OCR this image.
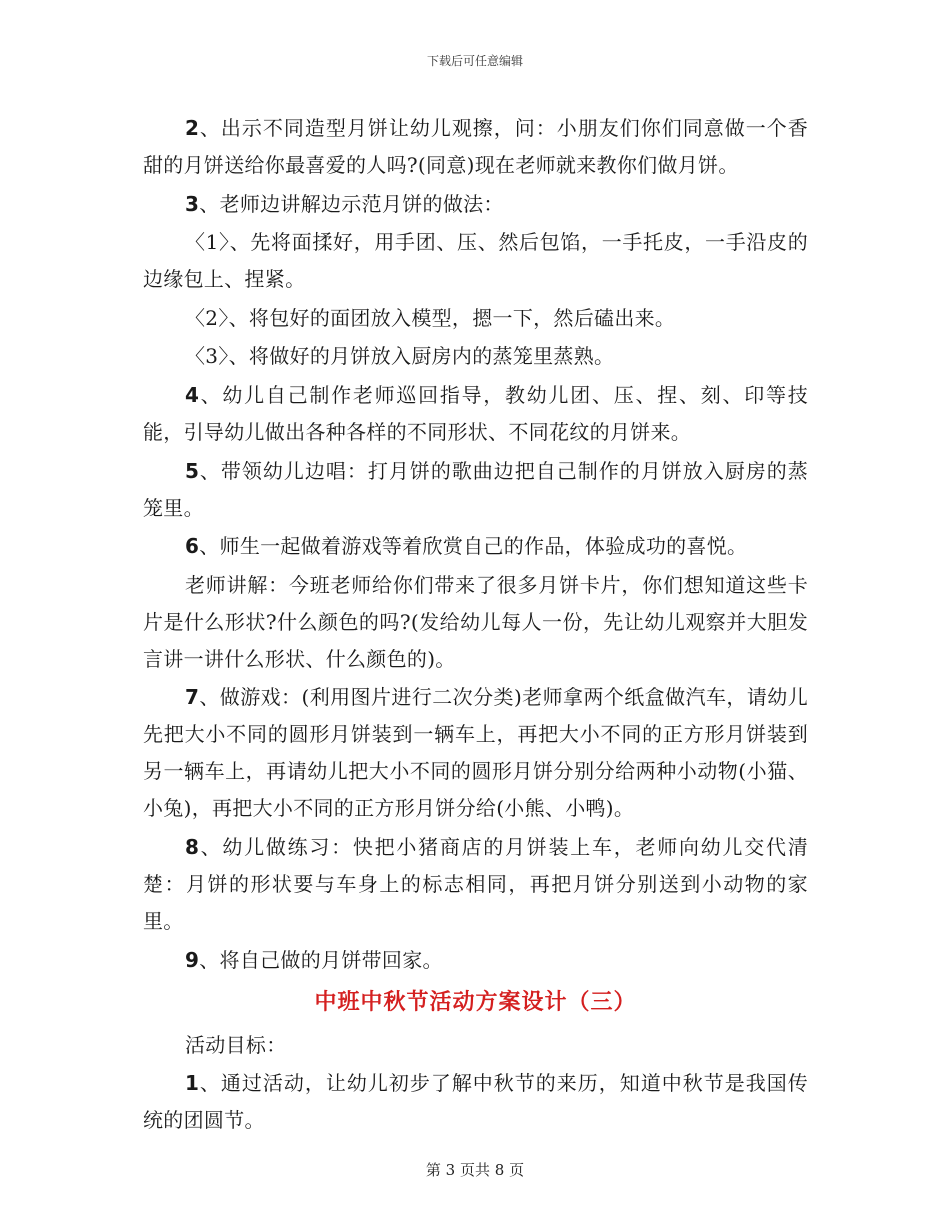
下载后可任意编辑

2、出示不同造型月饼让幼儿观擦，问：小朋友们你们同意做一个香甜的月饼送给你最喜爱的人吗?(同意)现在老师就来教你们做月饼。

3、老师边讲解边示范月饼的做法：

〈1〉、先将面揉好，用手团、压、然后包馅，一手托皮，一手沿皮的边缘包上、捏紧。

〈2〉、将包好的面团放入模型，摁一下，然后磕出来。

〈3〉、将做好的月饼放入厨房内的蒸笼里蒸熟。

4、幼儿自己制作老师巡回指导，教幼儿团、压、捏、刻、印等技能，引导幼儿做出各种各样的不同形状、不同花纹的月饼来。

5、带领幼儿边唱：打月饼的歌曲边把自己制作的月饼放入厨房的蒸笼里。

6、师生一起做着游戏等着欣赏自己的作品，体验成功的喜悦。

老师讲解：今班老师给你们带来了很多月饼卡片，你们想知道这些卡片是什么形状?什么颜色的吗?(发给幼儿每人一份，先让幼儿观察并大胆发言讲一讲什么形状、什么颜色的)。

7、做游戏：(利用图片进行二次分类)老师拿两个纸盒做汽车，请幼儿先把大小不同的圆形月饼装到一辆车上，再把大小不同的正方形月饼装到另一辆车上，再请幼儿把大小不同的圆形月饼分别分给两种小动物(小猫、小兔)，再把大小不同的正方形月饼分给(小熊、小鸭)。

8、幼儿做练习：快把小猪商店的月饼装上车，老师向幼儿交代清楚：月饼的形状要与车身上的标志相同，再把月饼分别送到小动物的家里。

9、将自己做的月饼带回家。

中班中秋节活动方案设计（三）

活动目标：

1、通过活动，让幼儿初步了解中秋节的来历，知道中秋节是我国传统的团圆节。

第 3 页共 8 页
